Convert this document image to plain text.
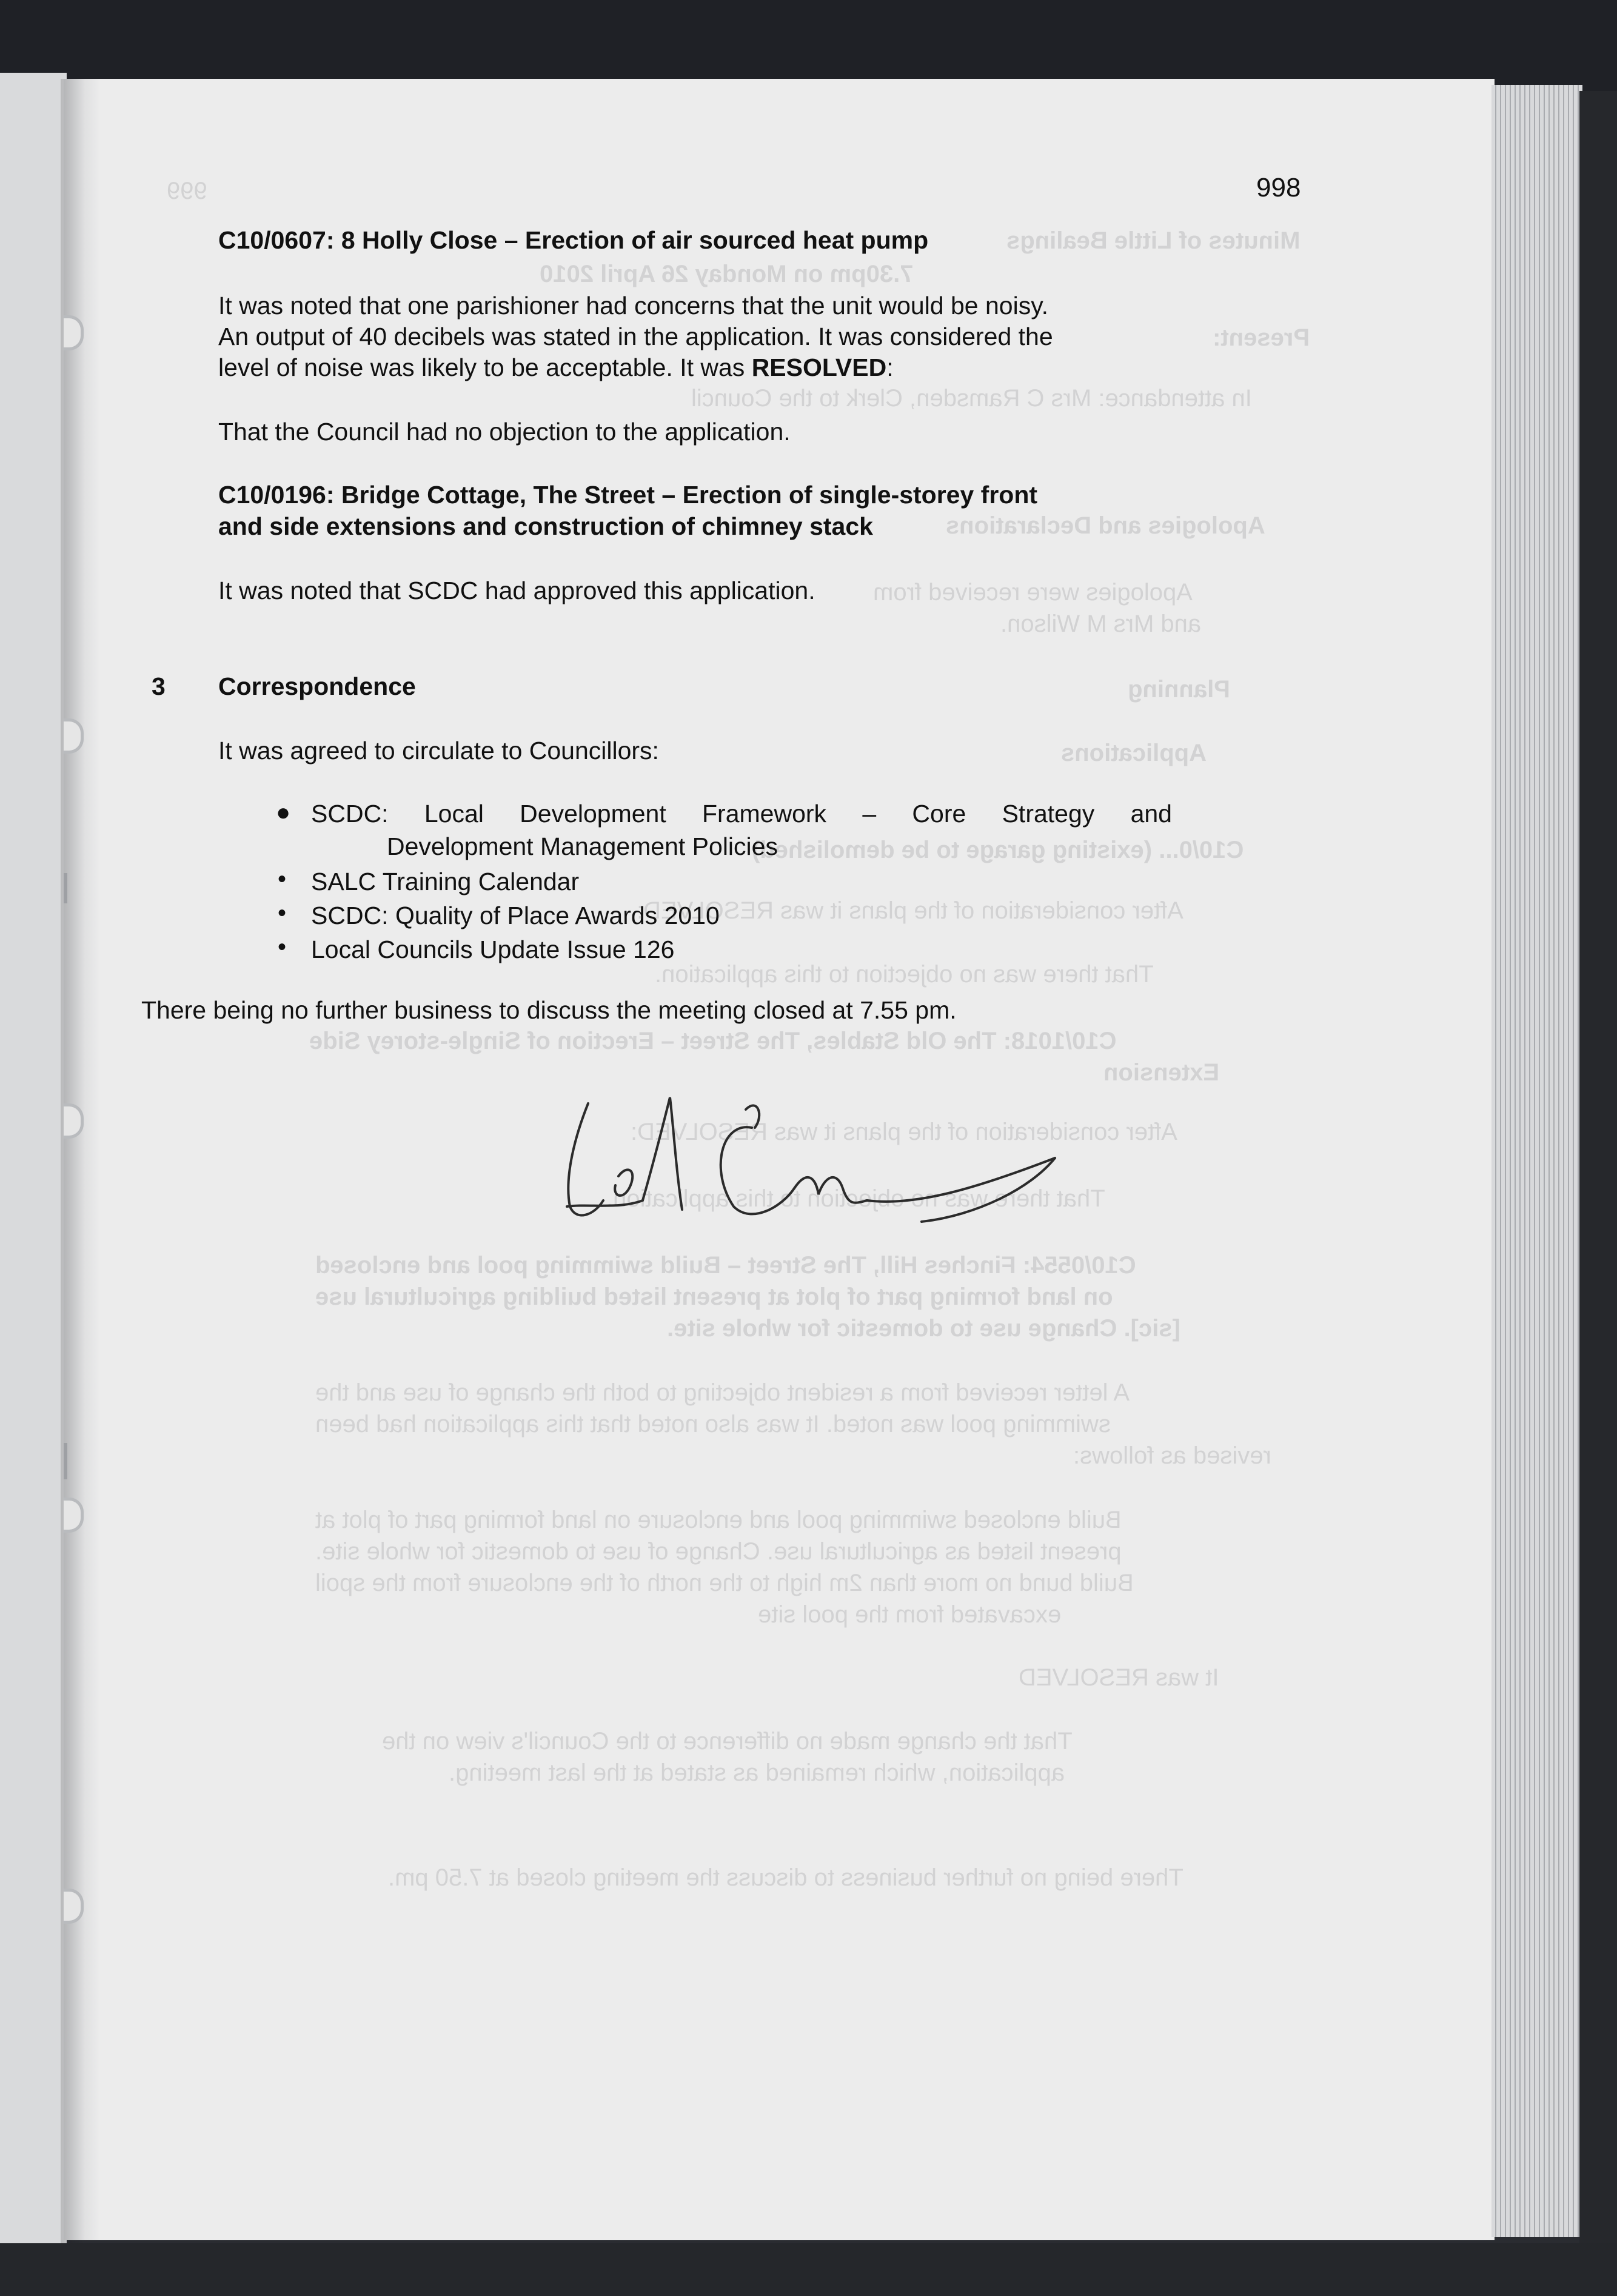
999
Minutes of Little Bealings
7.30pm on Monday 26 April 2010
Present:
In attendance: Mrs C Ramsden, Clerk to the Council
Apologies and Declarations
Apologies were received from
and Mrs M Wilson.
Planning
Applications
C10/0... (existing garage to be demolished)
After consideration of the plans it was RESOLVED:
That there was no objection to this application.
C10/1018: The Old Stables, The Street – Erection of Single-storey Side
Extension
After consideration of the plans it was RESOLVED:
That there was no objection to this application.
C10/0554: Finches Hill, The Street – Build swimming pool and enclosed
on land forming part of plot at present listed building agricultural use
[sic]. Change use to domestic for whole site.
A letter received from a resident objecting to both the change of use and the
swimming pool was noted. It was also noted that this application had been
revised as follows:
Build enclosed swimming pool and enclosure on land forming part of plot at
present listed as agricultural use. Change of use to domestic for whole site.
Build bund no more than 2m high to the north of the enclosure from the spoil
excavated from the pool site
It was RESOLVED
That the change made no difference to the Council's view on the
application, which remained as stated at the last meeting.
There being no further business to discuss the meeting closed at 7.50 pm.
998
C10/0607: 8 Holly Close – Erection of air sourced heat pump
It was noted that one parishioner had concerns that the unit would be noisy.
An output of 40 decibels was stated in the application. It was considered the
level of noise was likely to be acceptable. It was RESOLVED:
That the Council had no objection to the application.
C10/0196: Bridge Cottage, The Street – Erection of single-storey front
and side extensions and construction of chimney stack
It was noted that SCDC had approved this application.
3 Correspondence
It was agreed to circulate to Councillors:
● SCDC: Local Development Framework – Core Strategy and
Development Management Policies
• SALC Training Calendar
• SCDC: Quality of Place Awards 2010
• Local Councils Update Issue 126
There being no further business to discuss the meeting closed at 7.55 pm.
